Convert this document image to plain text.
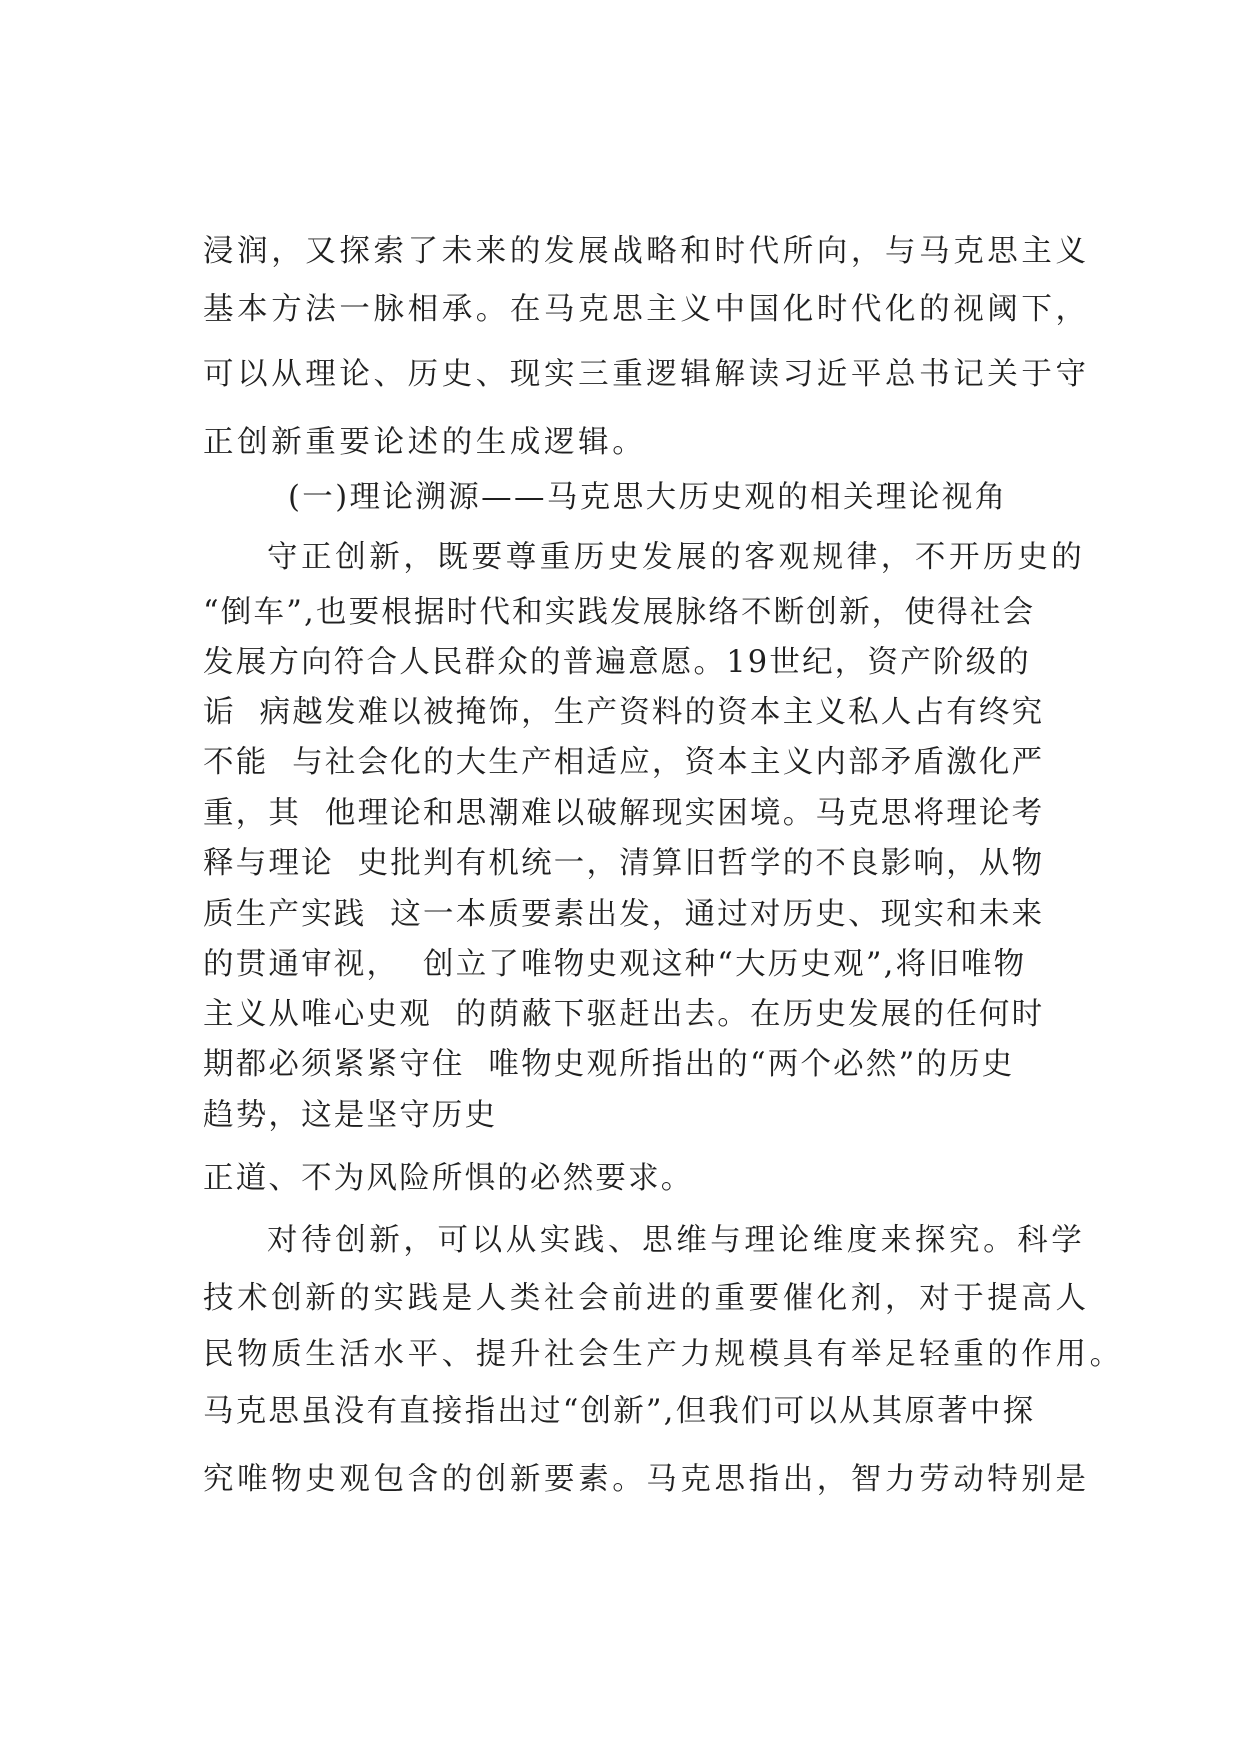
浸润，又探索了未来的发展战略和时代所向，与马克思主义
基本方法一脉相承。在马克思主义中国化时代化的视阈下，
可以从理论、历史、现实三重逻辑解读习近平总书记关于守
正创新重要论述的生成逻辑。
(一)理论溯源——马克思大历史观的相关理论视角
守正创新，既要尊重历史发展的客观规律，不开历史的
“倒车”,也要根据时代和实践发展脉络不断创新，使得社会
发展方向符合人民群众的普遍意愿。19世纪，资产阶级的
诟  病越发难以被掩饰，生产资料的资本主义私人占有终究
不能  与社会化的大生产相适应，资本主义内部矛盾激化严
重，其  他理论和思潮难以破解现实困境。马克思将理论考
释与理论  史批判有机统一，清算旧哲学的不良影响，从物
质生产实践  这一本质要素出发，通过对历史、现实和未来
的贯通审视，  创立了唯物史观这种“大历史观”,将旧唯物
主义从唯心史观  的荫蔽下驱赶出去。在历史发展的任何时
期都必须紧紧守住  唯物史观所指出的“两个必然”的历史
趋势，这是坚守历史
正道、不为风险所惧的必然要求。
对待创新，可以从实践、思维与理论维度来探究。科学
技术创新的实践是人类社会前进的重要催化剂，对于提高人
民物质生活水平、提升社会生产力规模具有举足轻重的作用。
马克思虽没有直接指出过“创新”,但我们可以从其原著中探
究唯物史观包含的创新要素。马克思指出，智力劳动特别是
